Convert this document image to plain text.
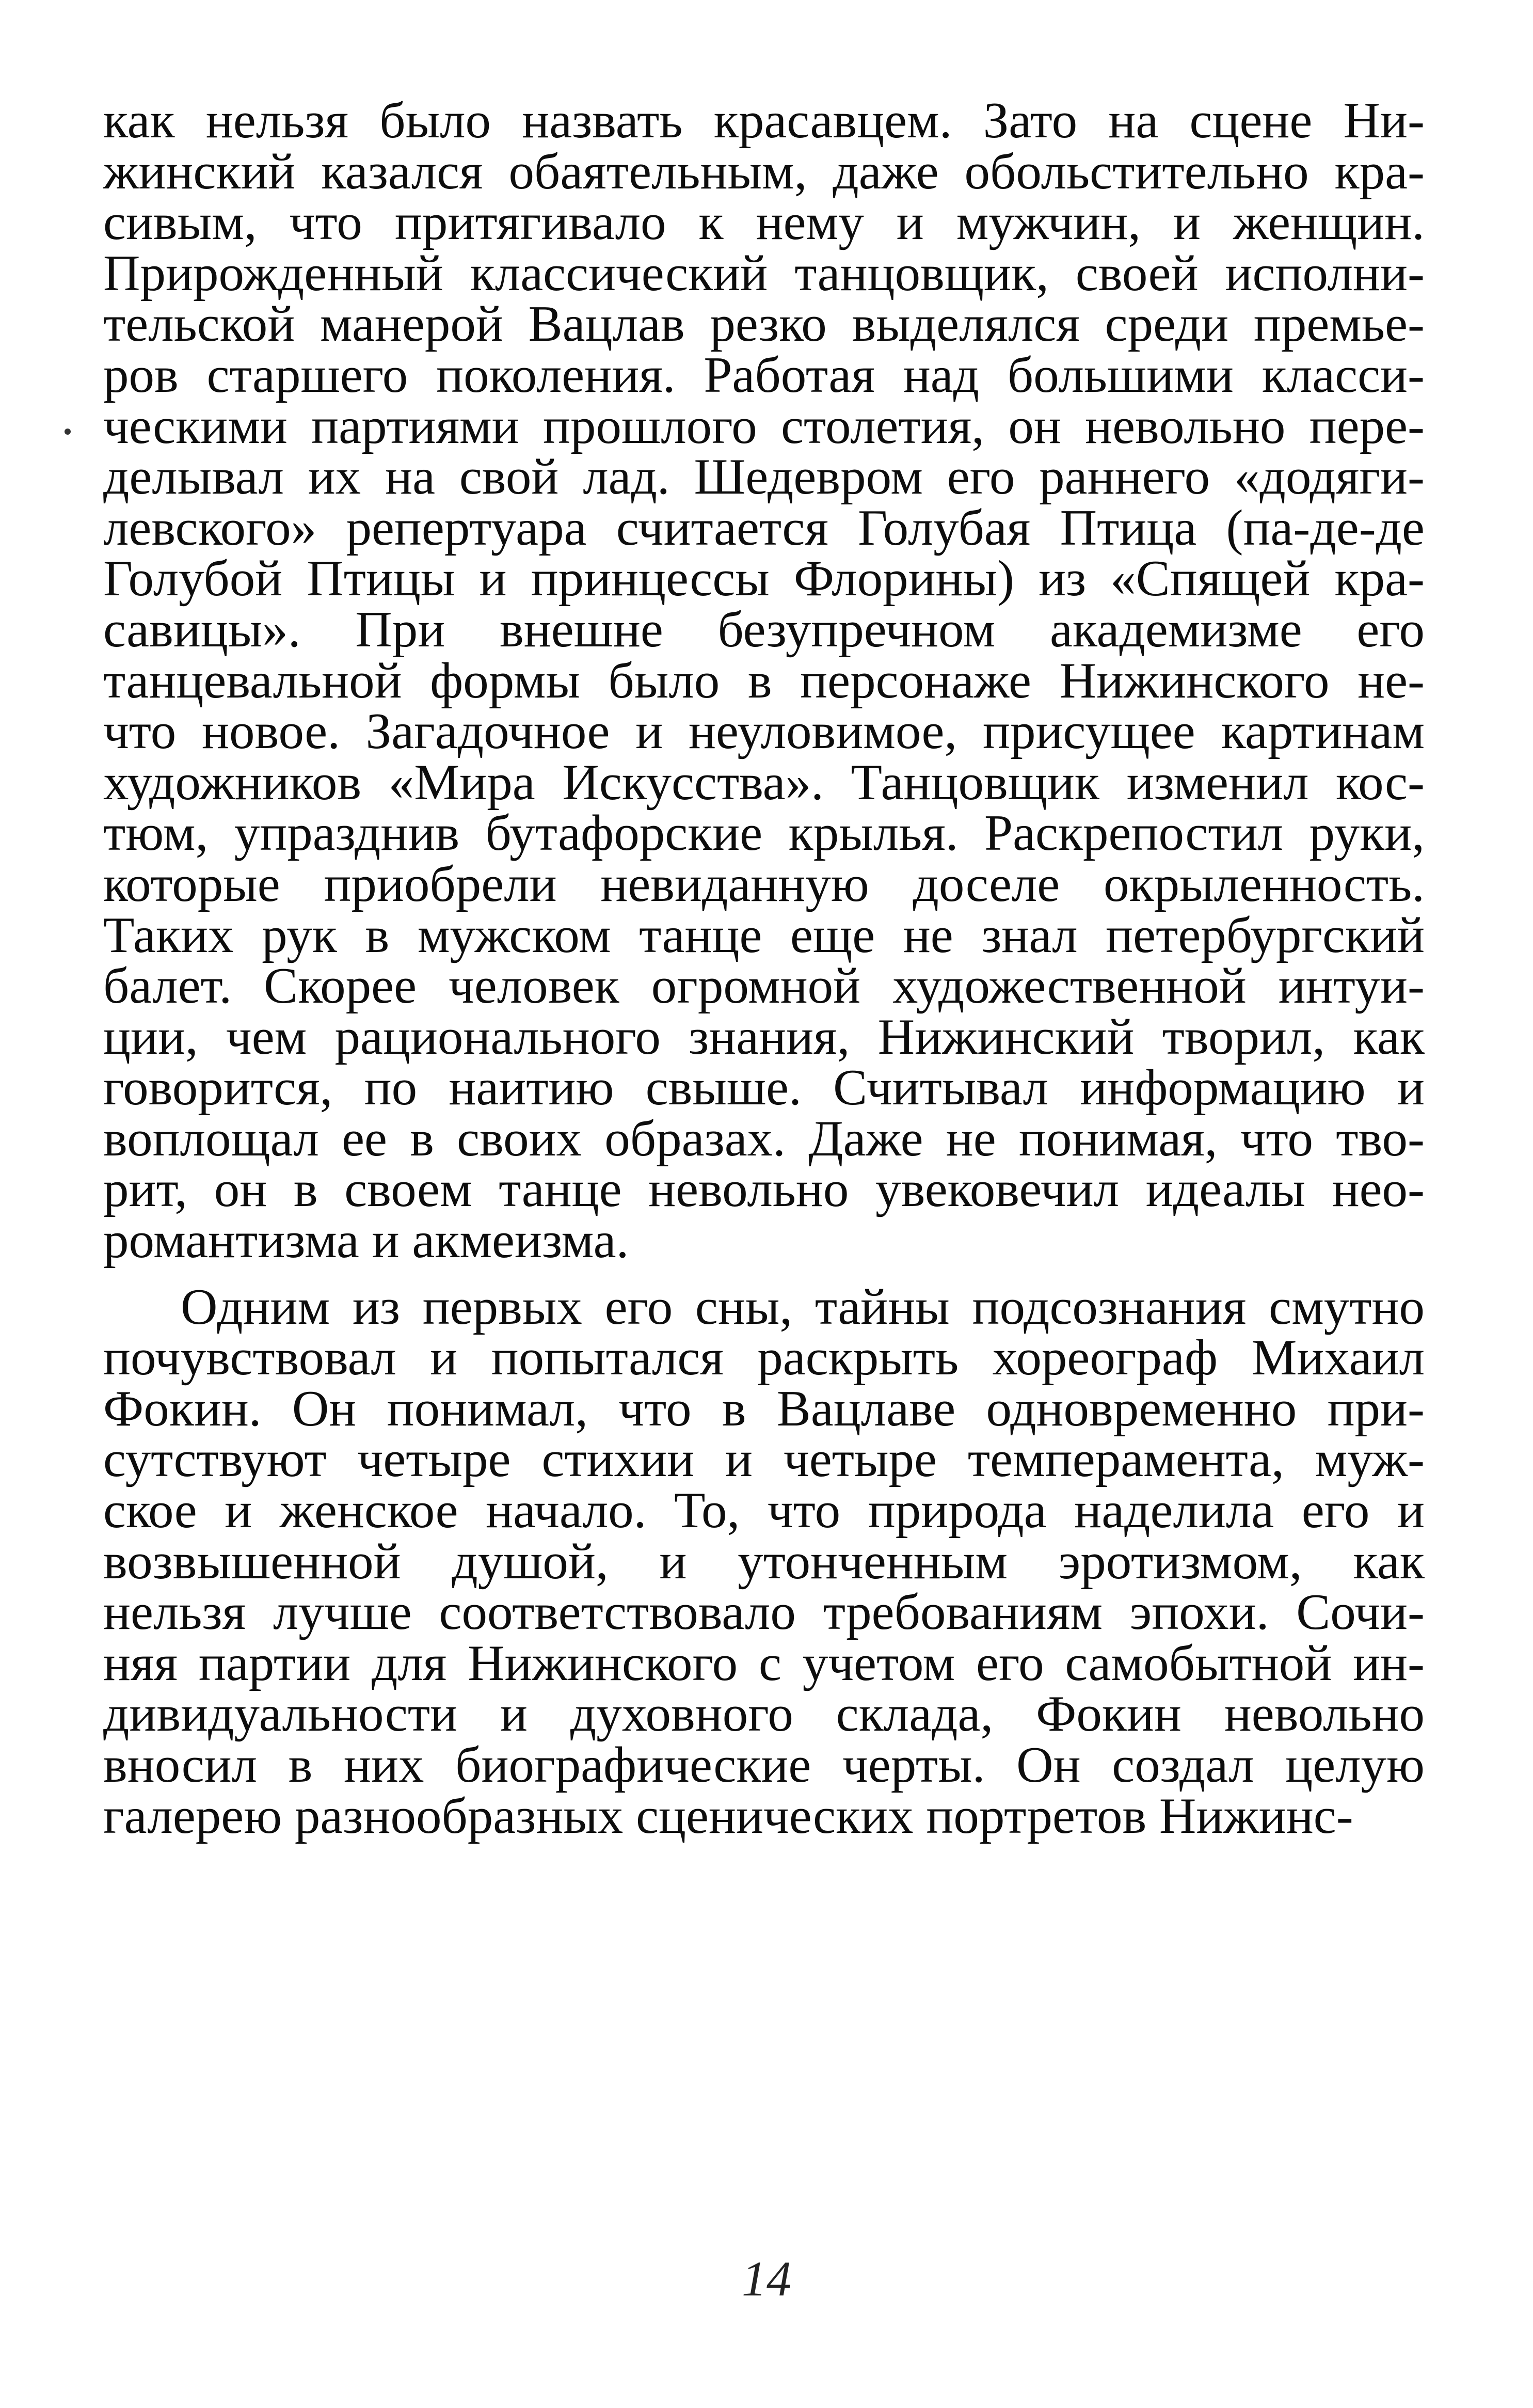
как нельзя было назвать красавцем. Зато на сцене Ни-
жинский казался обаятельным, даже обольстительно кра-
сивым, что притягивало к нему и мужчин, и женщин.
Прирожденный классический танцовщик, своей исполни-
тельской манерой Вацлав резко выделялся среди премье-
ров старшего поколения. Работая над большими класси-
ческими партиями прошлого столетия, он невольно пере-
делывал их на свой лад. Шедевром его раннего «додяги-
левского» репертуара считается Голубая Птица (па-де-де
Голубой Птицы и принцессы Флорины) из «Спящей кра-
савицы». При внешне безупречном академизме его
танцевальной формы было в персонаже Нижинского не-
что новое. Загадочное и неуловимое, присущее картинам
художников «Мира Искусства». Танцовщик изменил кос-
тюм, упразднив бутафорские крылья. Раскрепостил руки,
которые приобрели невиданную доселе окрыленность.
Таких рук в мужском танце еще не знал петербургский
балет. Скорее человек огромной художественной интуи-
ции, чем рационального знания, Нижинский творил, как
говорится, по наитию свыше. Считывал информацию и
воплощал ее в своих образах. Даже не понимая, что тво-
рит, он в своем танце невольно увековечил идеалы нео-
романтизма и акмеизма.
Одним из первых его сны, тайны подсознания смутно
почувствовал и попытался раскрыть хореограф Михаил
Фокин. Он понимал, что в Вацлаве одновременно при-
сутствуют четыре стихии и четыре темперамента, муж-
ское и женское начало. То, что природа наделила его и
возвышенной душой, и утонченным эротизмом, как
нельзя лучше соответствовало требованиям эпохи. Сочи-
няя партии для Нижинского с учетом его самобытной ин-
дивидуальности и духовного склада, Фокин невольно
вносил в них биографические черты. Он создал целую
галерею разнообразных сценических портретов Нижинс-
14
